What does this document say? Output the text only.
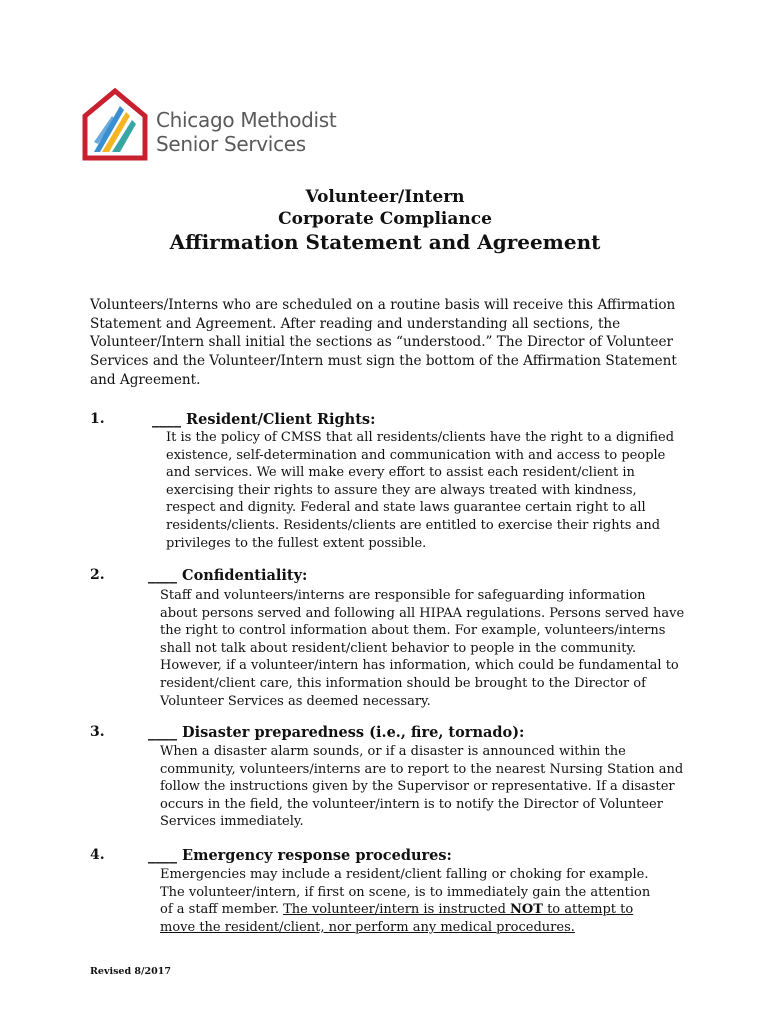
Chicago Methodist
Senior Services
Volunteer/Intern
Corporate Compliance
Affirmation Statement and Agreement
Volunteers/Interns who are scheduled on a routine basis will receive this Affirmation Statement and Agreement. After reading and understanding all sections, the Volunteer/Intern shall initial the sections as “understood.” The Director of Volunteer Services and the Volunteer/Intern must sign the bottom of the Affirmation Statement and Agreement.
1.	____ Resident/Client Rights:
It is the policy of CMSS that all residents/clients have the right to a dignified existence, self-determination and communication with and access to people and services. We will make every effort to assist each resident/client in exercising their rights to assure they are always treated with kindness, respect and dignity. Federal and state laws guarantee certain right to all residents/clients. Residents/clients are entitled to exercise their rights and privileges to the fullest extent possible.
2.	____ Confidentiality:
Staff and volunteers/interns are responsible for safeguarding information about persons served and following all HIPAA regulations. Persons served have the right to control information about them. For example, volunteers/interns shall not talk about resident/client behavior to people in the community. However, if a volunteer/intern has information, which could be fundamental to resident/client care, this information should be brought to the Director of Volunteer Services as deemed necessary.
3.	____ Disaster preparedness (i.e., fire, tornado):
When a disaster alarm sounds, or if a disaster is announced within the community, volunteers/interns are to report to the nearest Nursing Station and follow the instructions given by the Supervisor or representative. If a disaster occurs in the field, the volunteer/intern is to notify the Director of Volunteer Services immediately.
4.	____ Emergency response procedures:
Emergencies may include a resident/client falling or choking for example. The volunteer/intern, if first on scene, is to immediately gain the attention of a staff member. The volunteer/intern is instructed NOT to attempt to move the resident/client, nor perform any medical procedures.
Revised 8/2017
